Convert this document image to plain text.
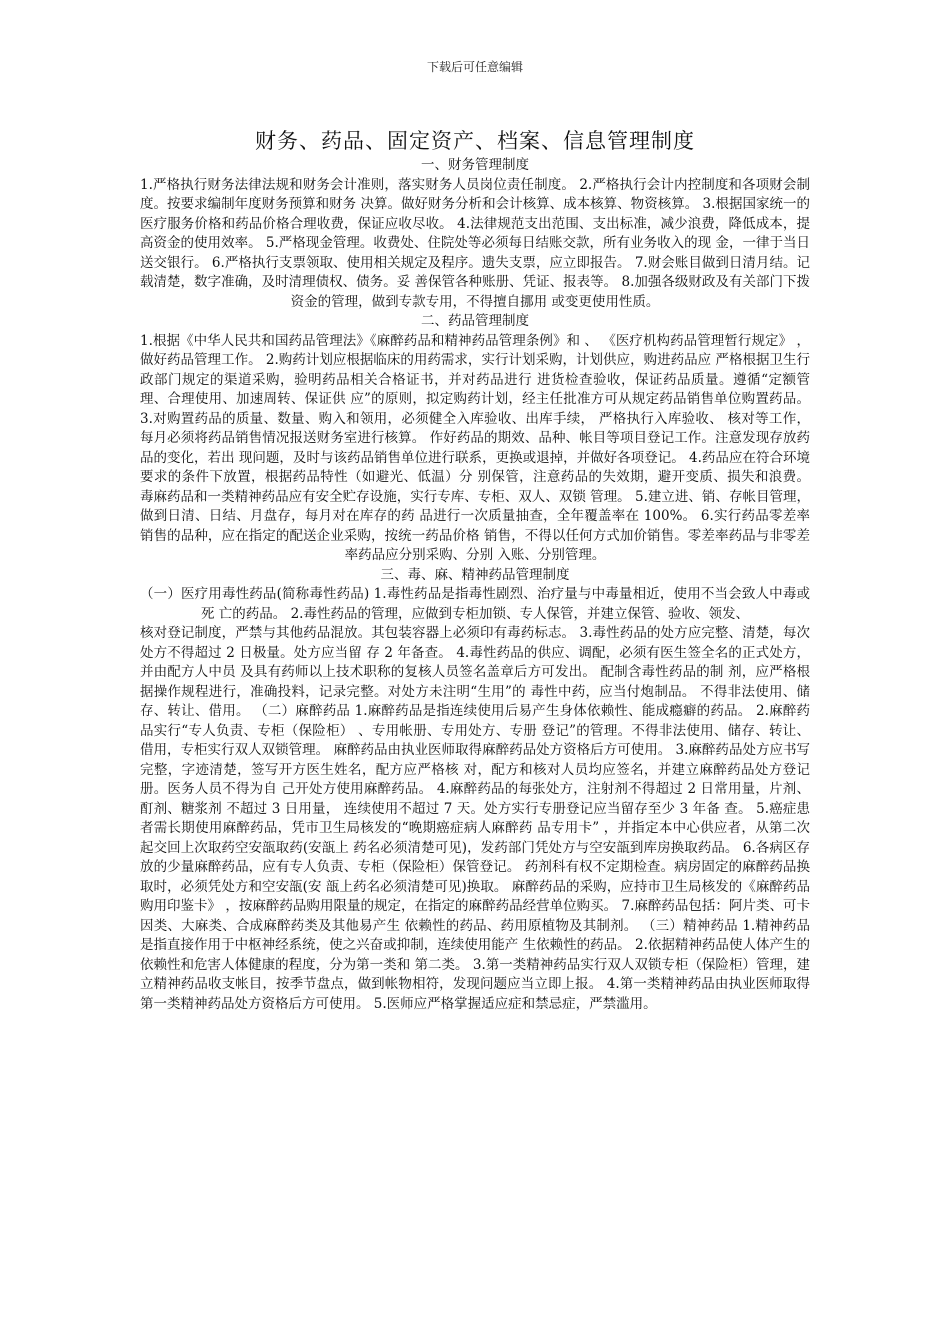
下载后可任意编辑
财务、药品、固定资产、档案、信息管理制度
一、财务管理制度

1.严格执行财务法律法规和财务会计准则，落实财务人员岗位责任制度。 2.严格执行会计内控制度和各项财会制度。按要求编制年度财务预算和财务 决算。做好财务分析和会计核算、成本核算、物资核算。 3.根据国家统一的医疗服务价格和药品价格合理收费，保证应收尽收。 4.法律规范支出范围、支出标准，减少浪费，降低成本，提高资金的使用效率。 5.严格现金管理。收费处、住院处等必须每日结账交款，所有业务收入的现 金，一律于当日送交银行。 6.严格执行支票领取、使用相关规定及程序。遗失支票，应立即报告。 7.财会账目做到日清月结。记载清楚，数字准确，及时清理债权、债务。妥 善保管各种账册、凭证、报表等。 8.加强各级财政及有关部门下拨资金的管理，做到专款专用，不得擅自挪用 或变更使用性质。

二、药品管理制度

1.根据《中华人民共和国药品管理法》《麻醉药品和精神药品管理条例》和 、 《医疗机构药品管理暂行规定》 ，做好药品管理工作。 2.购药计划应根据临床的用药需求，实行计划采购，计划供应，购进药品应 严格根据卫生行政部门规定的渠道采购，验明药品相关合格证书，并对药品进行 进货检查验收，保证药品质量。遵循“定额管理、合理使用、加速周转、保证供 应”的原则，拟定购药计划，经主任批准方可从规定药品销售单位购置药品。 3.对购置药品的质量、数量、购入和领用，必须健全入库验收、出库手续， 严格执行入库验收、 核对等工作， 每月必须将药品销售情况报送财务室进行核算。 作好药品的期效、品种、帐目等项目登记工作。注意发现存放药品的变化，若出 现问题，及时与该药品销售单位进行联系，更换或退掉，并做好各项登记。 4.药品应在符合环境要求的条件下放置，根据药品特性（如避光、低温）分 别保管，注意药品的失效期，避开变质、损失和浪费。 毒麻药品和一类精神药品应有安全贮存设施，实行专库、专柜、双人、双锁 管理。 5.建立进、销、存帐目管理，做到日清、日结、月盘存，每月对在库存的药 品进行一次质量抽查，全年覆盖率在 100%。 6.实行药品零差率销售的品种，应在指定的配送企业采购，按统一药品价格 销售，不得以任何方式加价销售。零差率药品与非零差率药品应分别采购、分别 入账、分别管理。

三、毒、麻、精神药品管理制度

（一）医疗用毒性药品(简称毒性药品) 1.毒性药品是指毒性剧烈、治疗量与中毒量相近，使用不当会致人中毒或死 亡的药品。 2.毒性药品的管理，应做到专柜加锁、专人保管，并建立保管、验收、领发、

核对登记制度，严禁与其他药品混放。其包装容器上必须印有毒药标志。 3.毒性药品的处方应完整、清楚，每次处方不得超过 2 日极量。处方应当留 存 2 年备查。 4.毒性药品的供应、调配，必须有医生签全名的正式处方，并由配方人中员 及具有药师以上技术职称的复核人员签名盖章后方可发出。 配制含毒性药品的制 剂，应严格根据操作规程进行，准确投料，记录完整。对处方未注明“生用”的 毒性中药，应当付炮制品。 不得非法使用、储存、转让、借用。 （二）麻醉药品 1.麻醉药品是指连续使用后易产生身体依赖性、能成瘾癖的药品。 2.麻醉药品实行“专人负责、专柜（保险柜） 、专用帐册、专用处方、专册 登记”的管理。不得非法使用、储存、转让、借用，专柜实行双人双锁管理。 麻醉药品由执业医师取得麻醉药品处方资格后方可使用。 3.麻醉药品处方应书写完整，字迹清楚，签写开方医生姓名，配方应严格核 对，配方和核对人员均应签名，并建立麻醉药品处方登记册。医务人员不得为自 己开处方使用麻醉药品。 4.麻醉药品的每张处方，注射剂不得超过 2 日常用量，片剂、酊剂、糖浆剂 不超过 3 日用量， 连续使用不超过 7 天。处方实行专册登记应当留存至少 3 年备 查。 5.癌症患者需长期使用麻醉药品，凭市卫生局核发的“晚期癌症病人麻醉药 品专用卡” ，并指定本中心供应者，从第二次起交回上次取药空安瓿取药(安瓿上 药名必须清楚可见)，发药部门凭处方与空安瓿到库房换取药品。 6.各病区存放的少量麻醉药品，应有专人负责、专柜（保险柜）保管登记。 药剂科有权不定期检查。病房固定的麻醉药品换取时，必须凭处方和空安瓿(安 瓿上药名必须清楚可见)换取。 麻醉药品的采购，应持市卫生局核发的《麻醉药品购用印鉴卡》 ，按麻醉药品购用限量的规定，在指定的麻醉药品经营单位购买。 7.麻醉药品包括：阿片类、可卡因类、大麻类、合成麻醉药类及其他易产生 依赖性的药品、药用原植物及其制剂。 （三）精神药品 1.精神药品是指直接作用于中枢神经系统，使之兴奋或抑制，连续使用能产 生依赖性的药品。 2.依据精神药品使人体产生的依赖性和危害人体健康的程度，分为第一类和 第二类。 3.第一类精神药品实行双人双锁专柜（保险柜）管理，建立精神药品收支帐目，按季节盘点，做到帐物相符，发现问题应当立即上报。 4.第一类精神药品由执业医师取得第一类精神药品处方资格后方可使用。 5.医师应严格掌握适应症和禁忌症，严禁滥用。
